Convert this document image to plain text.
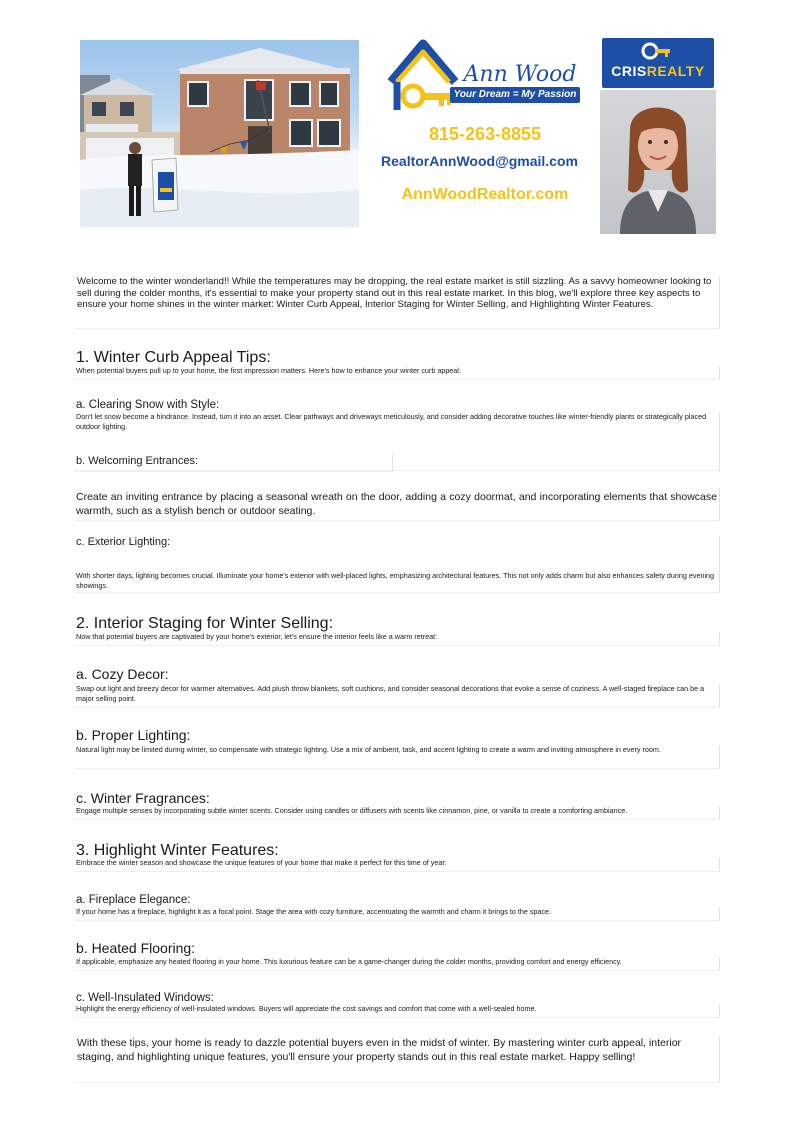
Ann Wood
Your Dream = My Passion
815-263-8855
RealtorAnnWood@gmail.com
AnnWoodRealtor.com
CRISREALTY
Welcome to the winter wonderland!! While the temperatures may be dropping, the real estate market is still sizzling. As a savvy homeowner looking to sell during the colder months, it's essential to make your property stand out in this real estate market. In this blog, we'll explore three key aspects to ensure your home shines in the winter market: Winter Curb Appeal, Interior Staging for Winter Selling, and Highlighting Winter Features.
1. Winter Curb Appeal Tips:
When potential buyers pull up to your home, the first impression matters. Here's how to enhance your winter curb appeal:
a. Clearing Snow with Style:
Don't let snow become a hindrance. Instead, turn it into an asset. Clear pathways and driveways meticulously, and consider adding decorative touches like winter-friendly plants or strategically placed outdoor lighting.
b. Welcoming Entrances:
Create an inviting entrance by placing a seasonal wreath on the door, adding a cozy doormat, and incorporating elements that showcase warmth, such as a stylish bench or outdoor seating.
c. Exterior Lighting:
With shorter days, lighting becomes crucial. Illuminate your home's exterior with well-placed lights, emphasizing architectural features. This not only adds charm but also enhances safety during evening showings.
2. Interior Staging for Winter Selling:
Now that potential buyers are captivated by your home's exterior, let's ensure the interior feels like a warm retreat:
a. Cozy Decor:
Swap out light and breezy decor for warmer alternatives. Add plush throw blankets, soft cushions, and consider seasonal decorations that evoke a sense of coziness. A well-staged fireplace can be a major selling point.
b. Proper Lighting:
Natural light may be limited during winter, so compensate with strategic lighting. Use a mix of ambient, task, and accent lighting to create a warm and inviting atmosphere in every room.
c. Winter Fragrances:
Engage multiple senses by incorporating subtle winter scents. Consider using candles or diffusers with scents like cinnamon, pine, or vanilla to create a comforting ambiance.
3. Highlight Winter Features:
Embrace the winter season and showcase the unique features of your home that make it perfect for this time of year:
a. Fireplace Elegance:
If your home has a fireplace, highlight it as a focal point. Stage the area with cozy furniture, accentuating the warmth and charm it brings to the space.
b. Heated Flooring:
If applicable, emphasize any heated flooring in your home. This luxurious feature can be a game-changer during the colder months, providing comfort and energy efficiency.
c. Well-Insulated Windows:
Highlight the energy efficiency of well-insulated windows. Buyers will appreciate the cost savings and comfort that come with a well-sealed home.
With these tips, your home is ready to dazzle potential buyers even in the midst of winter. By mastering winter curb appeal, interior staging, and highlighting unique features, you'll ensure your property stands out in this real estate market. Happy selling!
